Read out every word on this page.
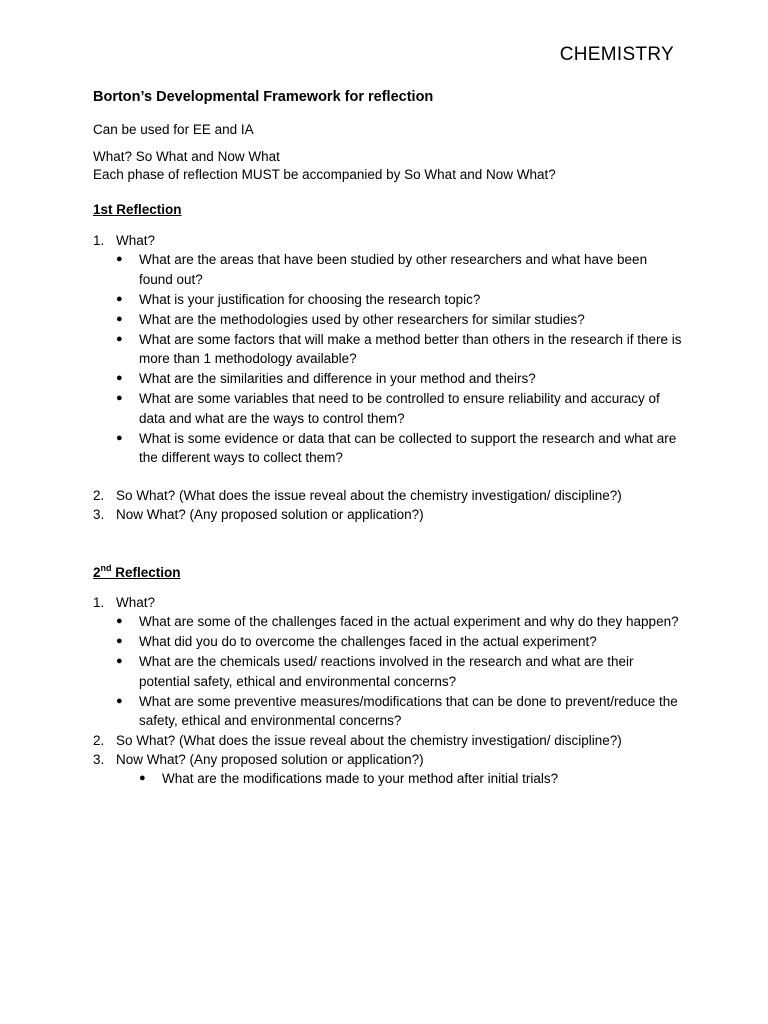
CHEMISTRY
Borton’s Developmental Framework for reflection
Can be used for EE and IA
What? So What and Now What
Each phase of reflection MUST be accompanied by So What and Now What?
1st Reflection
1. What?
● What are the areas that have been studied by other researchers and what have been found out?
● What is your justification for choosing the research topic?
● What are the methodologies used by other researchers for similar studies?
● What are some factors that will make a method better than others in the research if there is more than 1 methodology available?
● What are the similarities and difference in your method and theirs?
● What are some variables that need to be controlled to ensure reliability and accuracy of data and what are the ways to control them?
● What is some evidence or data that can be collected to support the research and what are the different ways to collect them?
2. So What? (What does the issue reveal about the chemistry investigation/ discipline?)
3. Now What? (Any proposed solution or application?)
2nd Reflection
1. What?
● What are some of the challenges faced in the actual experiment and why do they happen?
● What did you do to overcome the challenges faced in the actual experiment?
● What are the chemicals used/ reactions involved in the research and what are their potential safety, ethical and environmental concerns?
● What are some preventive measures/modifications that can be done to prevent/reduce the safety, ethical and environmental concerns?
2. So What? (What does the issue reveal about the chemistry investigation/ discipline?)
3. Now What? (Any proposed solution or application?)
● What are the modifications made to your method after initial trials?
